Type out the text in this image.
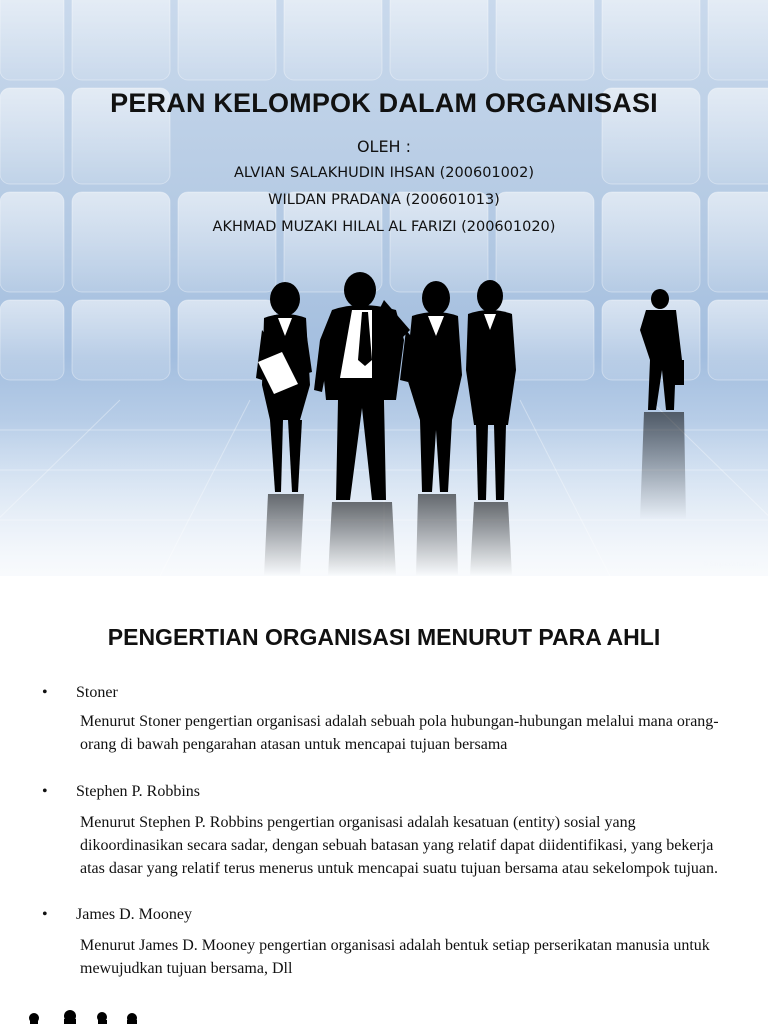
PERAN KELOMPOK DALAM ORGANISASI
OLEH :
ALVIAN SALAKHUDIN IHSAN (200601002)
WILDAN PRADANA (200601013)
AKHMAD MUZAKI HILAL AL FARIZI (200601020)
© SimplexWhat.com
PENGERTIAN ORGANISASI MENURUT PARA AHLI
• Stoner
Menurut Stoner pengertian organisasi adalah sebuah pola hubungan-hubungan melalui mana orang-orang di bawah pengarahan atasan untuk mencapai tujuan bersama
• Stephen P. Robbins
Menurut Stephen P. Robbins pengertian organisasi adalah kesatuan (entity) sosial yang dikoordinasikan secara sadar, dengan sebuah batasan yang relatif dapat diidentifikasi, yang bekerja atas dasar yang relatif terus menerus untuk mencapai suatu tujuan bersama atau sekelompok tujuan.
• James D. Mooney
Menurut James D. Mooney pengertian organisasi adalah bentuk setiap perserikatan manusia untuk mewujudkan tujuan bersama, Dll
